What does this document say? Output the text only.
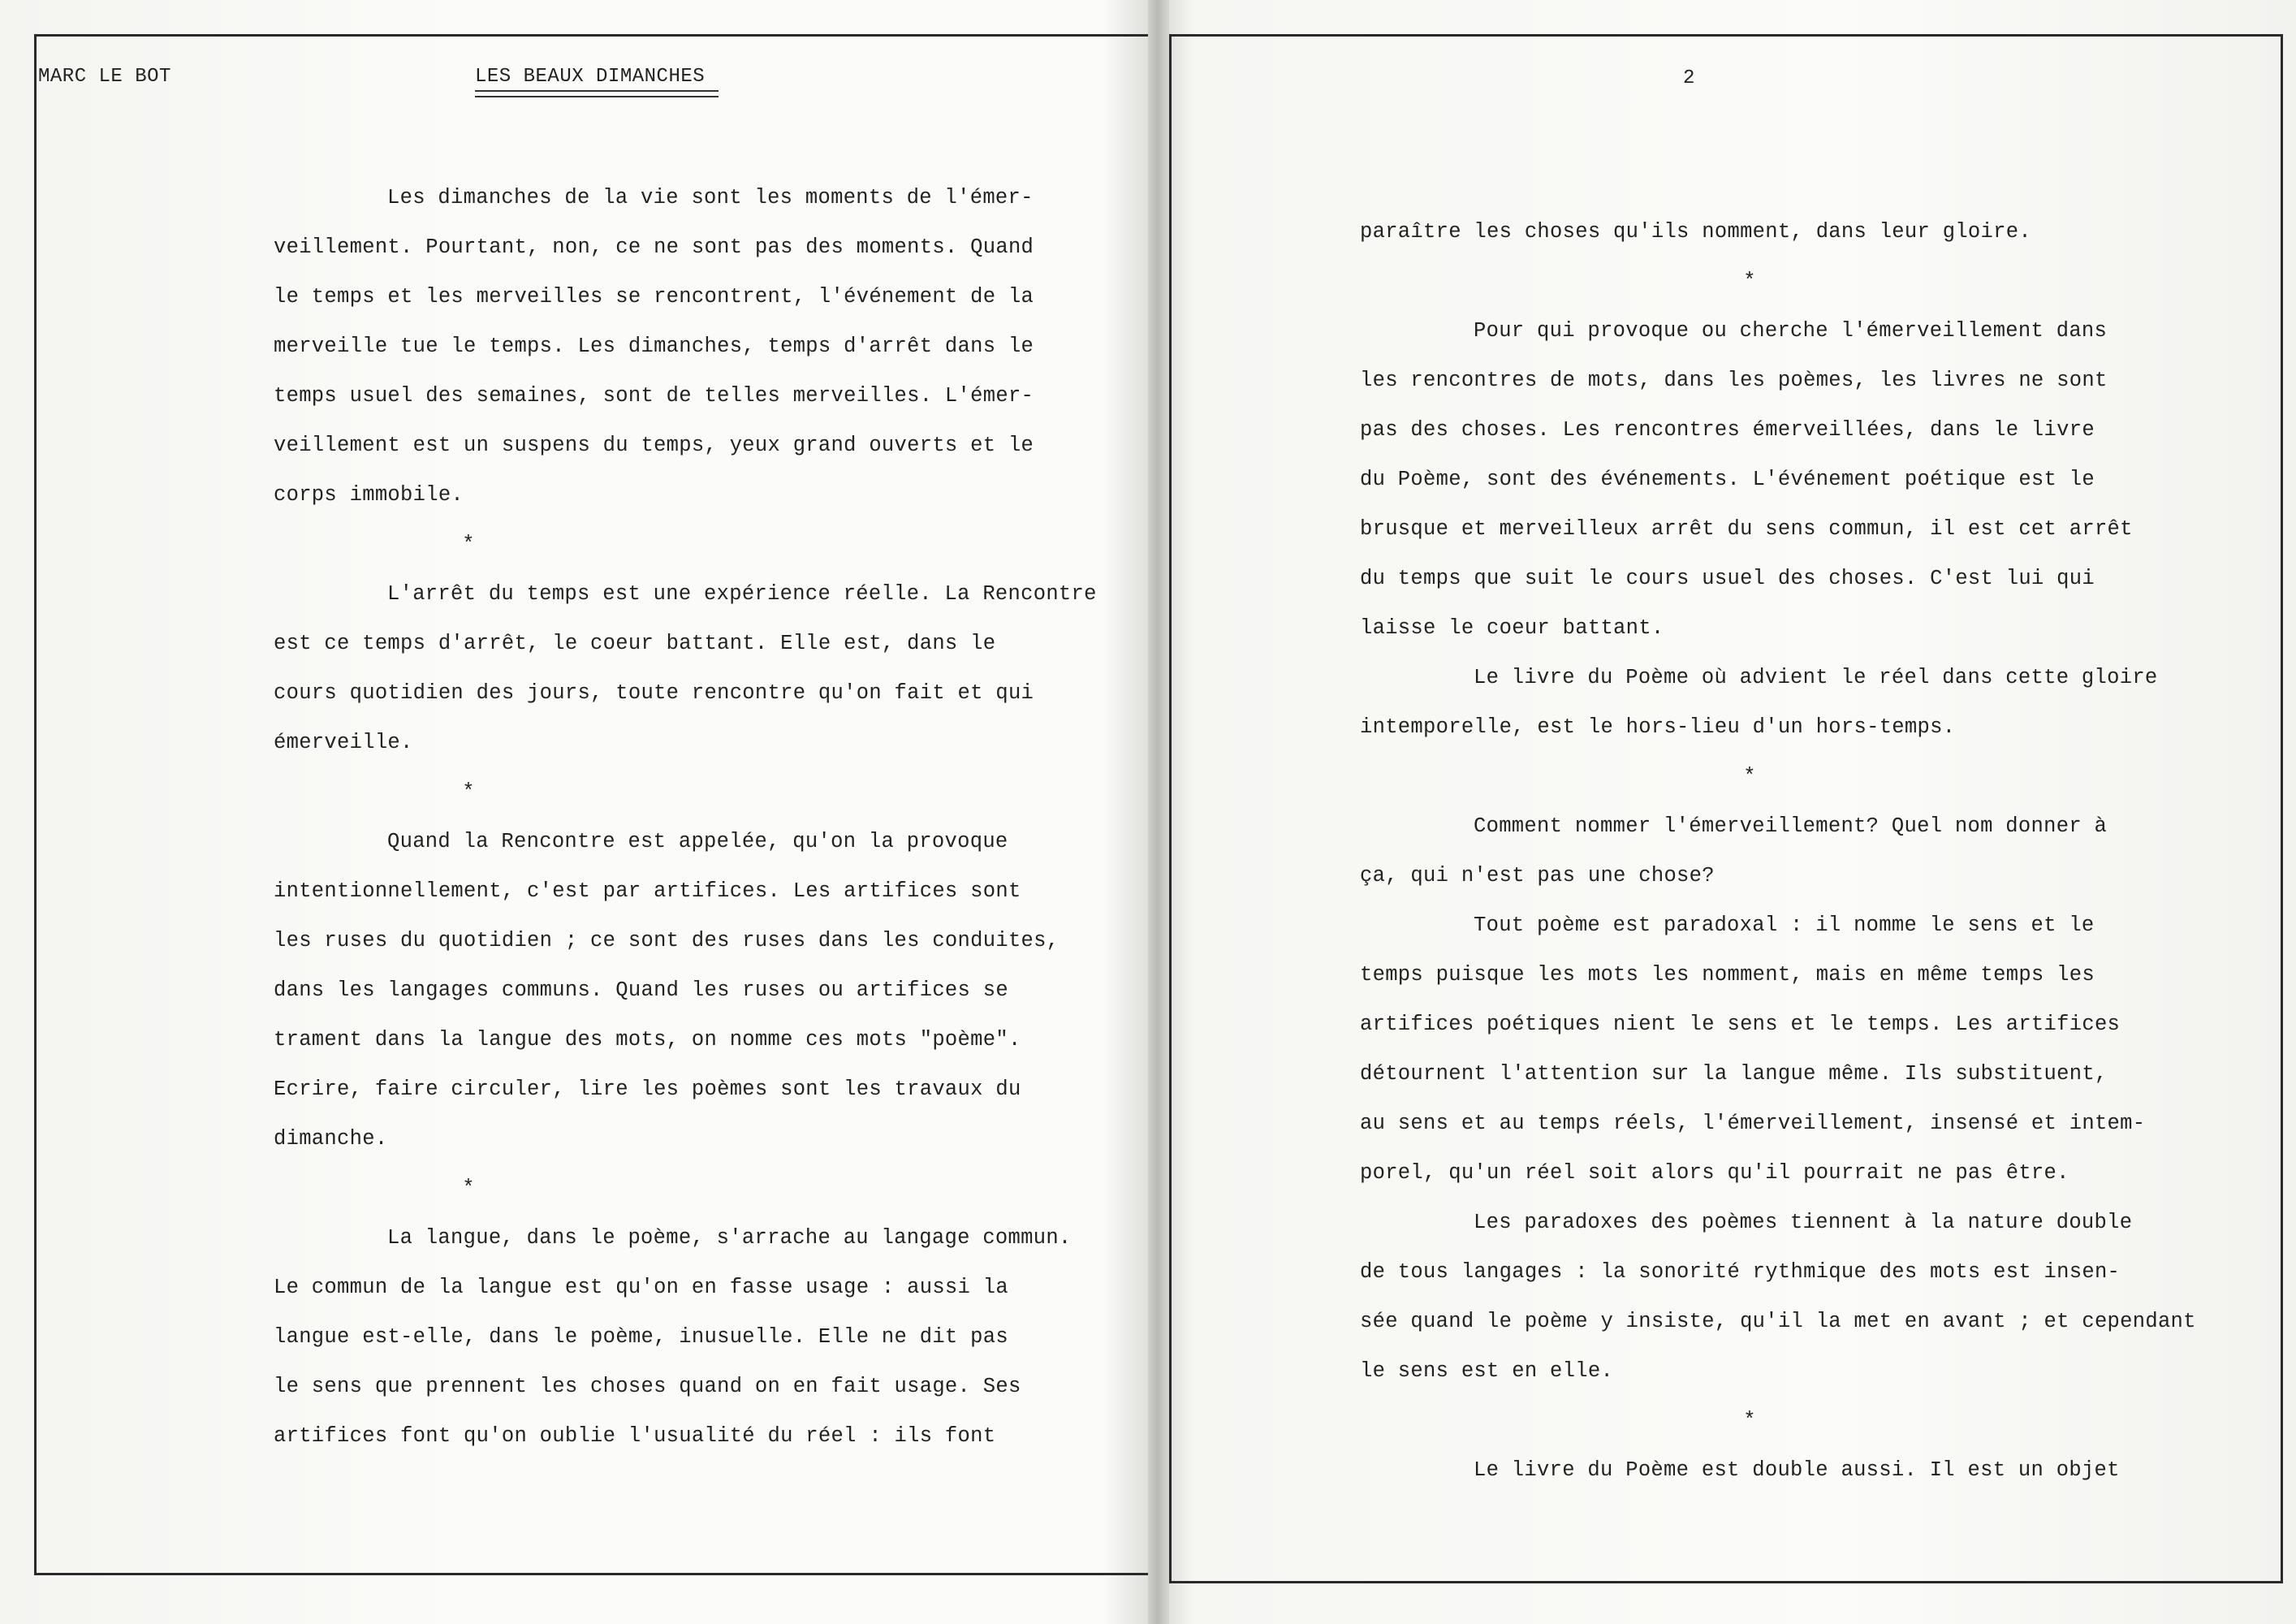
MARC LE BOT	LES BEAUX DIMANCHES
Les dimanches de la vie sont les moments de l'émer-
veillement. Pourtant, non, ce ne sont pas des moments. Quand
le temps et les merveilles se rencontrent, l'événement de la
merveille tue le temps. Les dimanches, temps d'arrêt dans le
temps usuel des semaines, sont de telles merveilles. L'émer-
veillement est un suspens du temps, yeux grand ouverts et le
corps immobile.
*
L'arrêt du temps est une expérience réelle. La Rencontre
est ce temps d'arrêt, le coeur battant. Elle est, dans le
cours quotidien des jours, toute rencontre qu'on fait et qui
émerveille.
*
Quand la Rencontre est appelée, qu'on la provoque
intentionnellement, c'est par artifices. Les artifices sont
les ruses du quotidien ; ce sont des ruses dans les conduites,
dans les langages communs. Quand les ruses ou artifices se
trament dans la langue des mots, on nomme ces mots "poème".
Ecrire, faire circuler, lire les poèmes sont les travaux du
dimanche.
*
La langue, dans le poème, s'arrache au langage commun.
Le commun de la langue est qu'on en fasse usage : aussi la
langue est-elle, dans le poème, inusuelle. Elle ne dit pas
le sens que prennent les choses quand on en fait usage. Ses
artifices font qu'on oublie l'usualité du réel : ils font
2
paraître les choses qu'ils nomment, dans leur gloire.
*
Pour qui provoque ou cherche l'émerveillement dans
les rencontres de mots, dans les poèmes, les livres ne sont
pas des choses. Les rencontres émerveillées, dans le livre
du Poème, sont des événements. L'événement poétique est le
brusque et merveilleux arrêt du sens commun, il est cet arrêt
du temps que suit le cours usuel des choses. C'est lui qui
laisse le coeur battant.
Le livre du Poème où advient le réel dans cette gloire
intemporelle, est le hors-lieu d'un hors-temps.
*
Comment nommer l'émerveillement? Quel nom donner à
ça, qui n'est pas une chose?
Tout poème est paradoxal : il nomme le sens et le
temps puisque les mots les nomment, mais en même temps les
artifices poétiques nient le sens et le temps. Les artifices
détournent l'attention sur la langue même. Ils substituent,
au sens et au temps réels, l'émerveillement, insensé et intem-
porel, qu'un réel soit alors qu'il pourrait ne pas être.
Les paradoxes des poèmes tiennent à la nature double
de tous langages : la sonorité rythmique des mots est insen-
sée quand le poème y insiste, qu'il la met en avant ; et cependant
le sens est en elle.
*
Le livre du Poème est double aussi. Il est un objet
